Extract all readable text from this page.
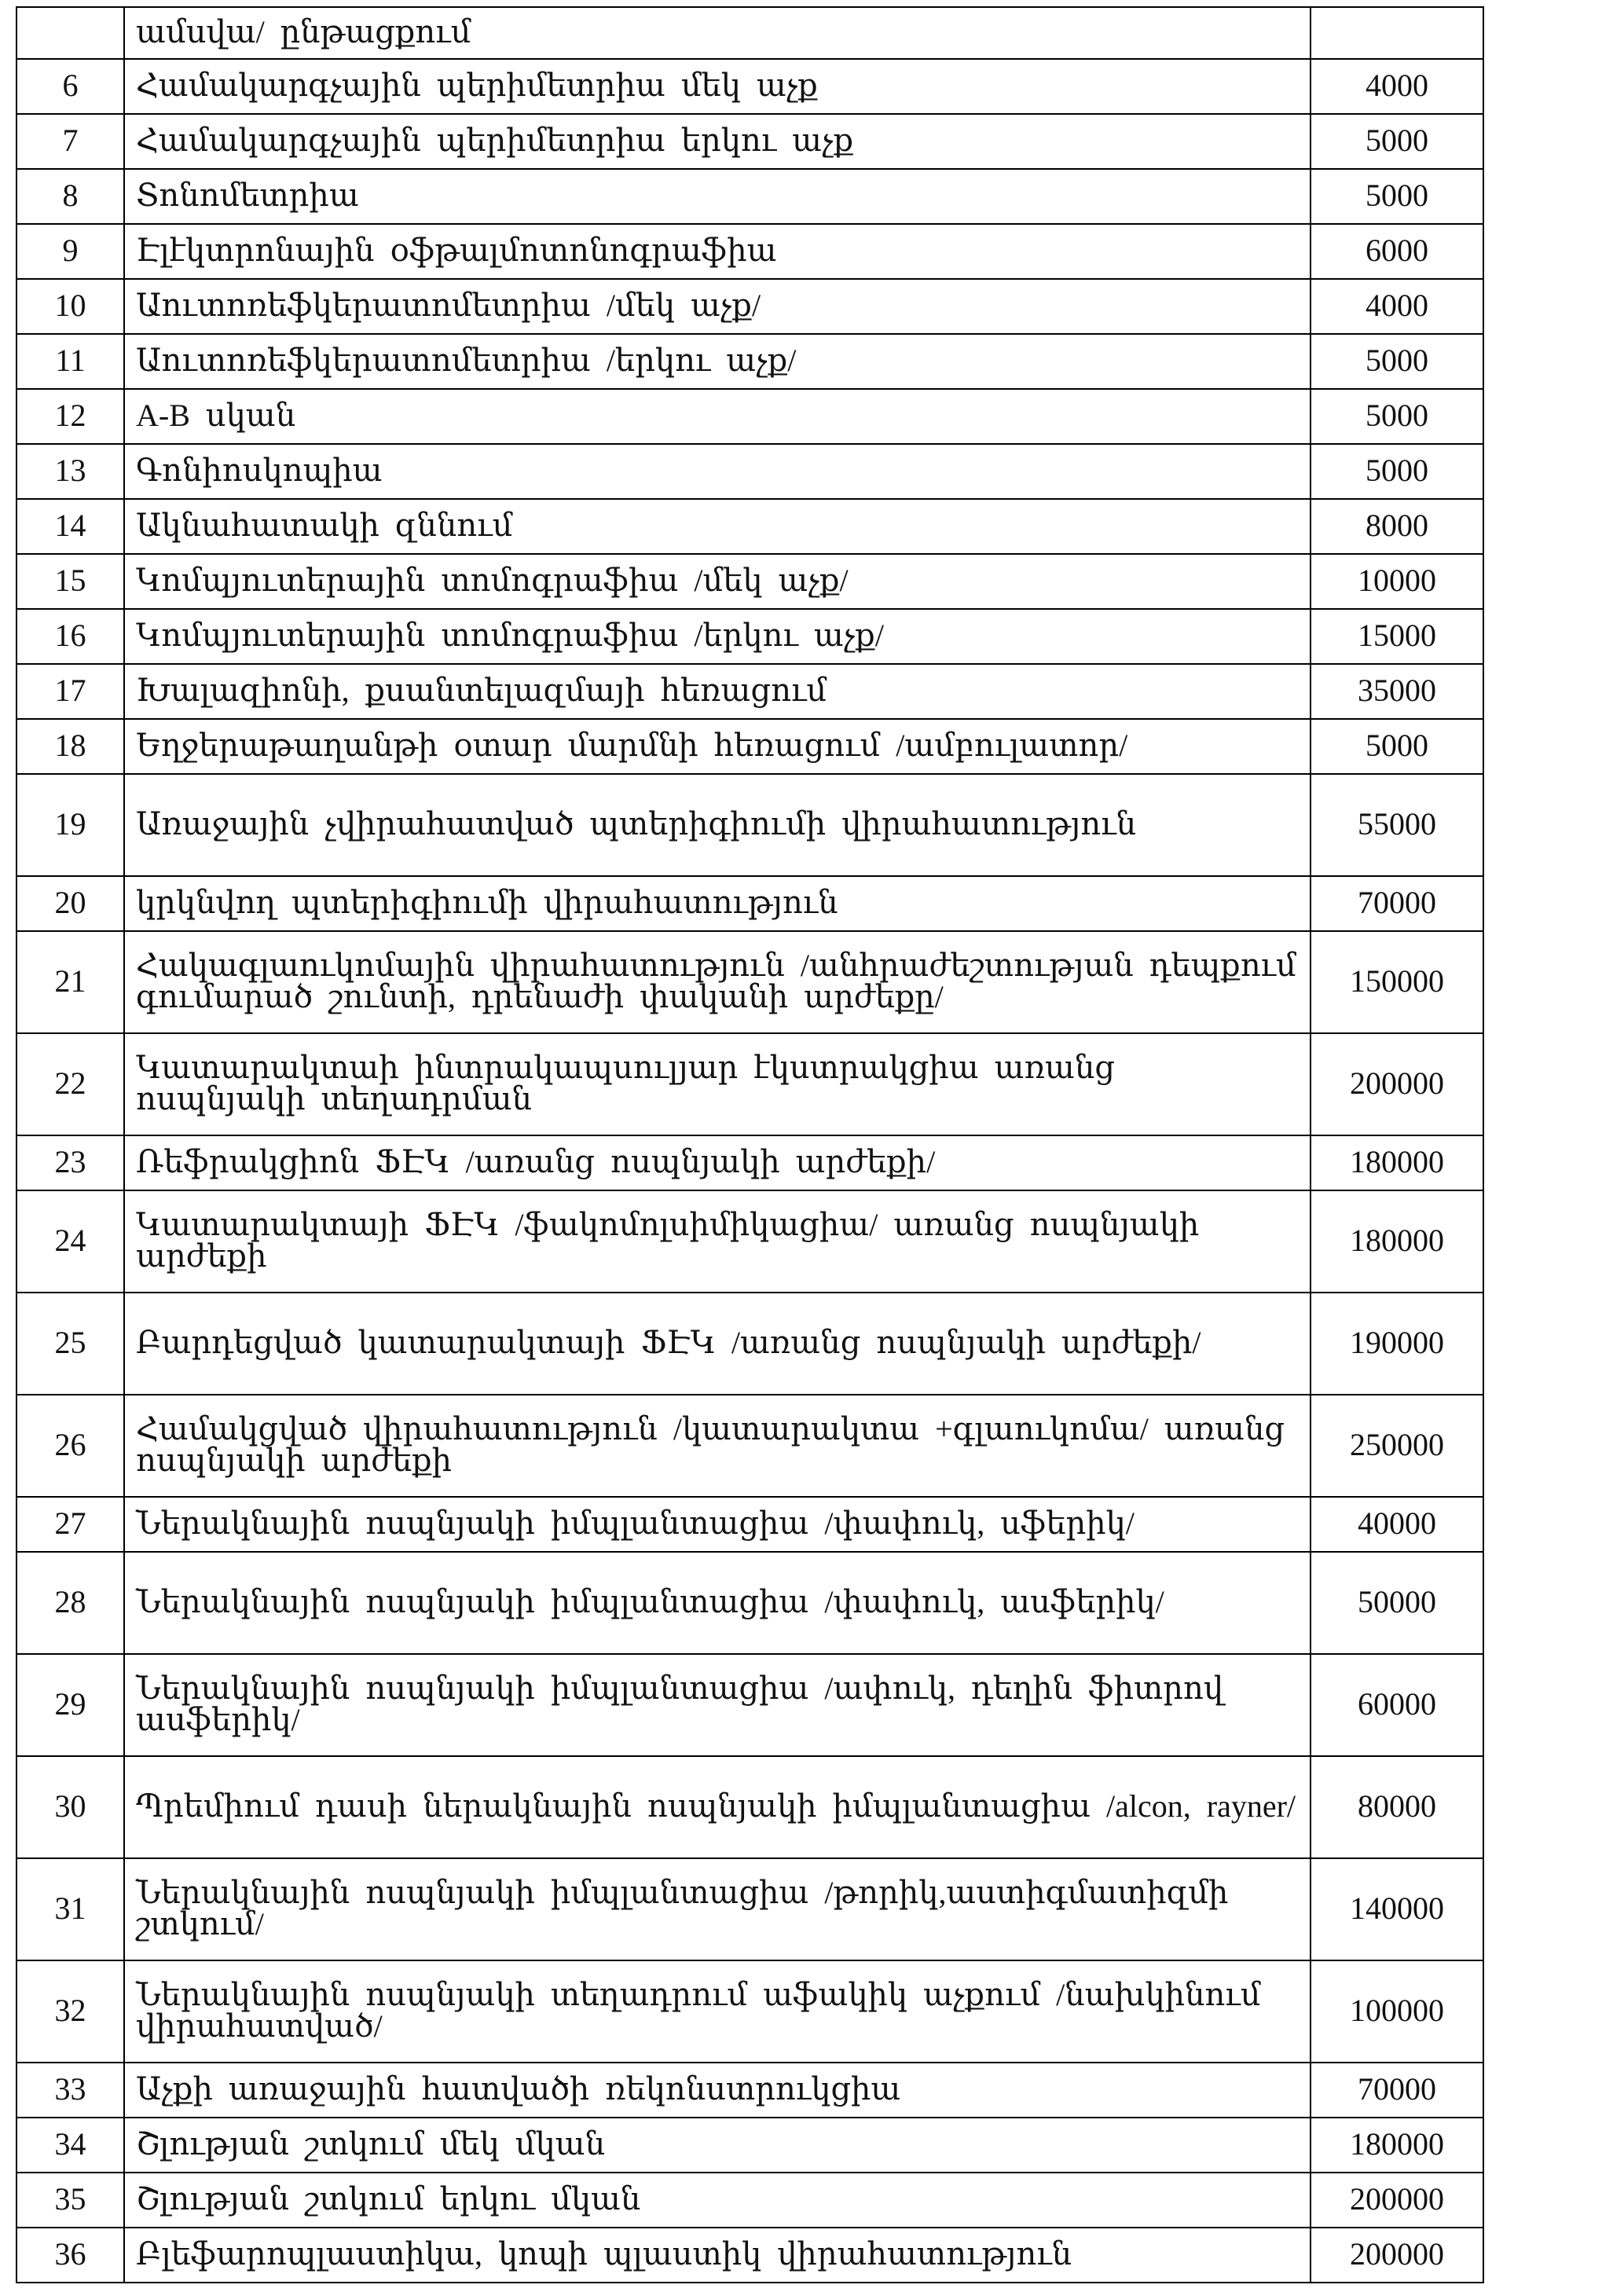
	ամսվա/ ընթացքում	
6	Համակարգչային պերիմետրիա մեկ աչք	4000
7	Համակարգչային պերիմետրիա երկու աչք	5000
8	Տոնոմետրիա	5000
9	Էլէկտրոնային օֆթալմոտոնոգրաֆիա	6000
10	Աուտոռեֆկերատոմետրիա /մեկ աչք/	4000
11	Աուտոռեֆկերատոմետրիա /երկու աչք/	5000
12	A-B սկան	5000
13	Գոնիոսկոպիա	5000
14	Ակնահատակի զննում	8000
15	Կոմպյուտերային տոմոգրաֆիա /մեկ աչք/	10000
16	Կոմպյուտերային տոմոգրաֆիա /երկու աչք/	15000
17	Խալազիոնի, քսանտելազմայի հեռացում	35000
18	Եղջերաթաղանթի օտար մարմնի հեռացում /ամբուլատոր/	5000
19	Առաջային չվիրահատված պտերիգիումի վիրահատություն	55000
20	կրկնվող պտերիգիումի վիրահատություն	70000
21	Հակագլաուկոմային վիրահատություն /անհրաժեշտության դեպքում գումարած շունտի, դրենաժի փականի արժեքը/	150000
22	Կատարակտաի ինտրակապսուլյար էկստրակցիա առանց ոսպնյակի տեղադրման	200000
23	Ռեֆրակցիոն ՖԷԿ /առանց ոսպնյակի արժեքի/	180000
24	Կատարակտայի ՖԷԿ /ֆակոմոլսիմիկացիա/ առանց ոսպնյակի արժեքի	180000
25	Բարդեցված կատարակտայի ՖԷԿ /առանց ոսպնյակի արժեքի/	190000
26	Համակցված վիրահատություն /կատարակտա +գլաուկոմա/ առանց ոսպնյակի արժեքի	250000
27	Ներակնային ոսպնյակի իմպլանտացիա /փափուկ, սֆերիկ/	40000
28	Ներակնային ոսպնյակի իմպլանտացիա /փափուկ, ասֆերիկ/	50000
29	Ներակնային ոսպնյակի իմպլանտացիա /ափուկ, դեղին ֆիտրով ասֆերիկ/	60000
30	Պրեմիում դասի ներակնային ոսպնյակի իմպլանտացիա /alcon, rayner/	80000
31	Ներակնային ոսպնյակի իմպլանտացիա /թորիկ,աստիգմատիզմի շտկում/	140000
32	Ներակնային ոսպնյակի տեղադրում աֆակիկ աչքում /նախկինում վիրահատված/	100000
33	Աչքի առաջային հատվածի ռեկոնստրուկցիա	70000
34	Շլության շտկում մեկ մկան	180000
35	Շլության շտկում երկու մկան	200000
36	Բլեֆարոպլաստիկա, կոպի պլաստիկ վիրահատություն	200000
